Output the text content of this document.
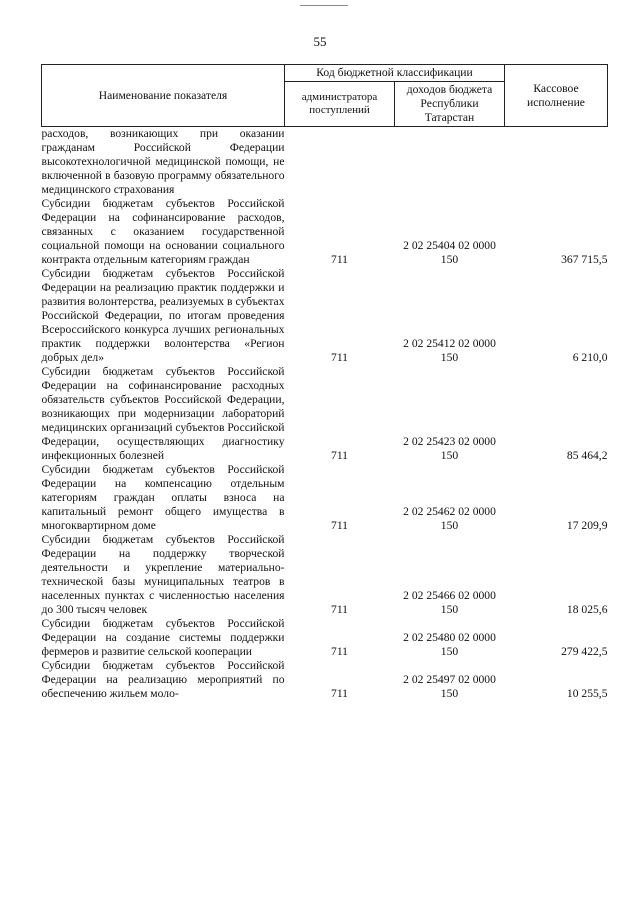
55
Наименование показателя	Код бюджетной классификации		Кассовое исполнение
	администратора поступлений	доходов бюджета Республики Татарстан	
расходов, возникающих при оказании гражданам Российской Федерации высокотехнологичной медицинской помощи, не включенной в базовую программу обязательного медицинского страхования			
Субсидии бюджетам субъектов Российской Федерации на софинансирование расходов, связанных с оказанием государственной социальной помощи на основании социального контракта отдельным категориям граждан	711	2 02 25404 02 0000 150	367 715,5
Субсидии бюджетам субъектов Российской Федерации на реализацию практик поддержки и развития волонтерства, реализуемых в субъектах Российской Федерации, по итогам проведения Всероссийского конкурса лучших региональных практик поддержки волонтерства «Регион добрых дел»	711	2 02 25412 02 0000 150	6 210,0
Субсидии бюджетам субъектов Российской Федерации на софинансирование расходных обязательств субъектов Российской Федерации, возникающих при модернизации лабораторий медицинских организаций субъектов Российской Федерации, осуществляющих диагностику инфекционных болезней	711	2 02 25423 02 0000 150	85 464,2
Субсидии бюджетам субъектов Российской Федерации на компенсацию отдельным категориям граждан оплаты взноса на капитальный ремонт общего имущества в многоквартирном доме	711	2 02 25462 02 0000 150	17 209,9
Субсидии бюджетам субъектов Российской Федерации на поддержку творческой деятельности и укрепление материально-технической базы муниципальных театров в населенных пунктах с численностью населения до 300 тысяч человек	711	2 02 25466 02 0000 150	18 025,6
Субсидии бюджетам субъектов Российской Федерации на создание системы поддержки фермеров и развитие сельской кооперации	711	2 02 25480 02 0000 150	279 422,5
Субсидии бюджетам субъектов Российской Федерации на реализацию мероприятий по обеспечению жильем моло-	711	2 02 25497 02 0000 150	10 255,5
